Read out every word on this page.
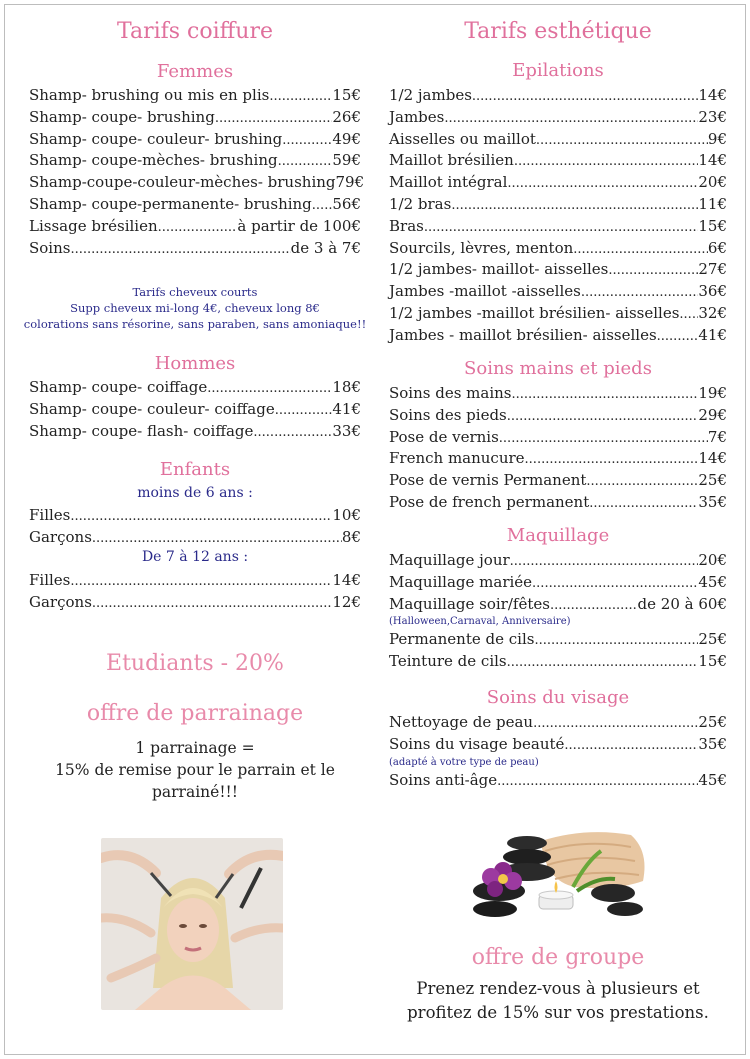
Tarifs coiffure
Femmes
Shamp- brushing ou mis en plis .....	15€
Shamp- coupe- brushing .....	26€
Shamp- coupe- couleur- brushing .....	49€
Shamp- coupe-mèches- brushing .....	59€
Shamp-coupe-couleur-mèches- brushing 79€
Shamp- coupe-permanente- brushing ..... 56€
Lissage brésilien .....	à partir de 100€
Soins .....	de 3 à 7€
Tarifs cheveux courts
Supp cheveux mi-long 4€, cheveux long 8€
colorations sans résorine, sans paraben, sans amoniaque!!
Hommes
Shamp- coupe- coiffage .....	18€
Shamp- coupe- couleur- coiffage .....	41€
Shamp- coupe- flash- coiffage .....	33€
Enfants
moins de 6 ans :
Filles .....	10€
Garçons .....	8€
De 7 à 12 ans :
Filles .....	14€
Garçons .....	12€
Etudiants - 20%
offre de parrainage
1 parrainage =
15% de remise pour le parrain et le
parrainé!!!
Tarifs esthétique
Epilations
1/2 jambes .....	14€
Jambes .....	23€
Aisselles ou maillot .....	9€
Maillot brésilien .....	14€
Maillot intégral .....	20€
1/2 bras .....	11€
Bras .....	15€
Sourcils, lèvres, menton .....	6€
1/2 jambes- maillot- aisselles .....	27€
Jambes -maillot -aisselles .....	36€
1/2 jambes -maillot brésilien- aisselles ..... 32€
Jambes - maillot brésilien- aisselles .....	41€
Soins mains et pieds
Soins des mains .....	19€
Soins des pieds .....	29€
Pose de vernis .....	7€
French manucure .....	14€
Pose de vernis Permanent .....	25€
Pose de french permanent .....	35€
Maquillage
Maquillage jour .....	20€
Maquillage mariée .....	45€
Maquillage soir/fêtes .....	de 20 à 60€
(Halloween,Carnaval, Anniversaire)
Permanente de cils .....	25€
Teinture de cils .....	15€
Soins du visage
Nettoyage de peau .....	25€
Soins du visage beauté .....	35€
(adapté à votre type de peau)
Soins anti-âge .....	45€
offre de groupe
Prenez rendez-vous à plusieurs et
profitez de 15% sur vos prestations.
